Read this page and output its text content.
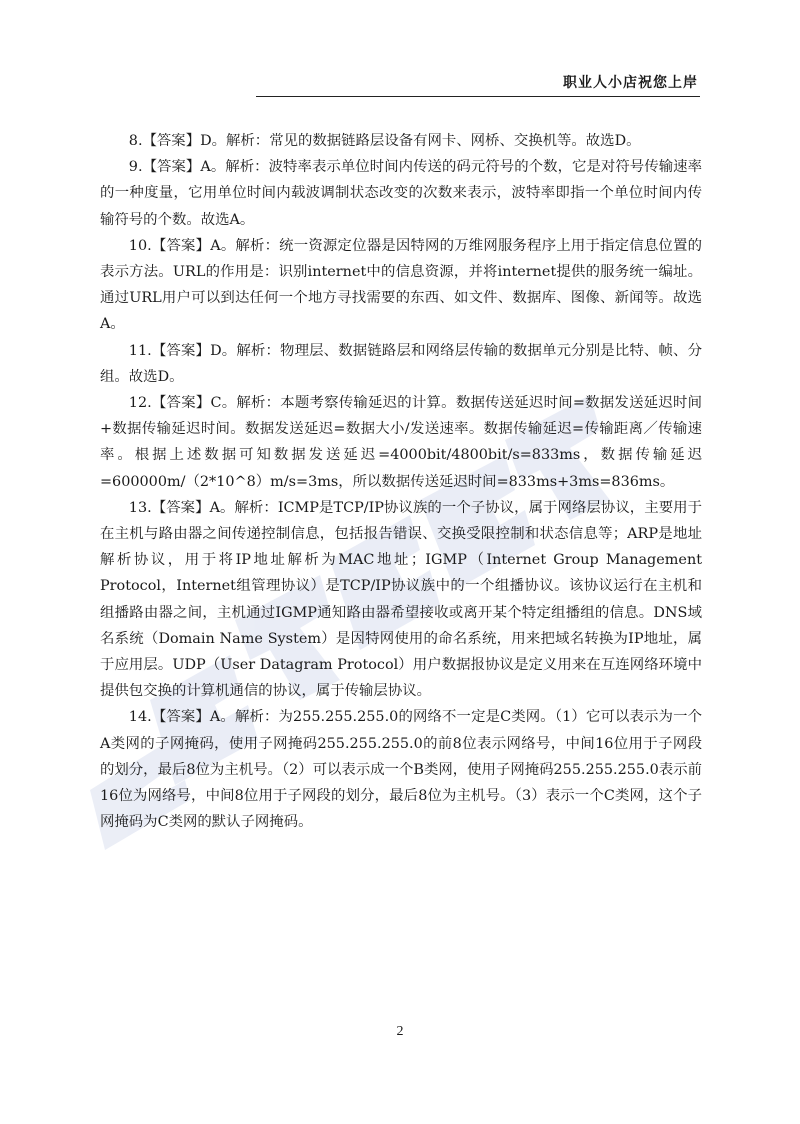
职业人小店祝您上岸

8.【答案】D。解析：常见的数据链路层设备有网卡、网桥、交换机等。故选D。

9.【答案】A。解析：波特率表示单位时间内传送的码元符号的个数，它是对符号传输速率的一种度量，它用单位时间内载波调制状态改变的次数来表示，波特率即指一个单位时间内传输符号的个数。故选A。

10.【答案】A。解析：统一资源定位器是因特网的万维网服务程序上用于指定信息位置的表示方法。URL的作用是：识别internet中的信息资源，并将internet提供的服务统一编址。通过URL用户可以到达任何一个地方寻找需要的东西、如文件、数据库、图像、新闻等。故选A。

11.【答案】D。解析：物理层、数据链路层和网络层传输的数据单元分别是比特、帧、分组。故选D。

12.【答案】C。解析：本题考察传输延迟的计算。数据传送延迟时间=数据发送延迟时间+数据传输延迟时间。数据发送延迟=数据大小/发送速率。数据传输延迟=传输距离／传输速率。根据上述数据可知数据发送延迟=4000bit/4800bit/s=833ms，数据传输延迟=600000m/（2*10^8）m/s=3ms，所以数据传送延迟时间=833ms+3ms=836ms。

13.【答案】A。解析：ICMP是TCP/IP协议族的一个子协议，属于网络层协议，主要用于在主机与路由器之间传递控制信息，包括报告错误、交换受限控制和状态信息等；ARP是地址解析协议，用于将IP地址解析为MAC地址；IGMP（Internet Group Management Protocol，Internet组管理协议）是TCP/IP协议族中的一个组播协议。该协议运行在主机和组播路由器之间，主机通过IGMP通知路由器希望接收或离开某个特定组播组的信息。DNS域名系统（Domain Name System）是因特网使用的命名系统，用来把域名转换为IP地址，属于应用层。UDP（User Datagram Protocol）用户数据报协议是定义用来在互连网络环境中提供包交换的计算机通信的协议，属于传输层协议。

14.【答案】A。解析：为255.255.255.0的网络不一定是C类网。（1）它可以表示为一个A类网的子网掩码，使用子网掩码255.255.255.0的前8位表示网络号，中间16位用于子网段的划分，最后8位为主机号。（2）可以表示成一个B类网，使用子网掩码255.255.255.0表示前16位为网络号，中间8位用于子网段的划分，最后8位为主机号。（3）表示一个C类网，这个子网掩码为C类网的默认子网掩码。

2
